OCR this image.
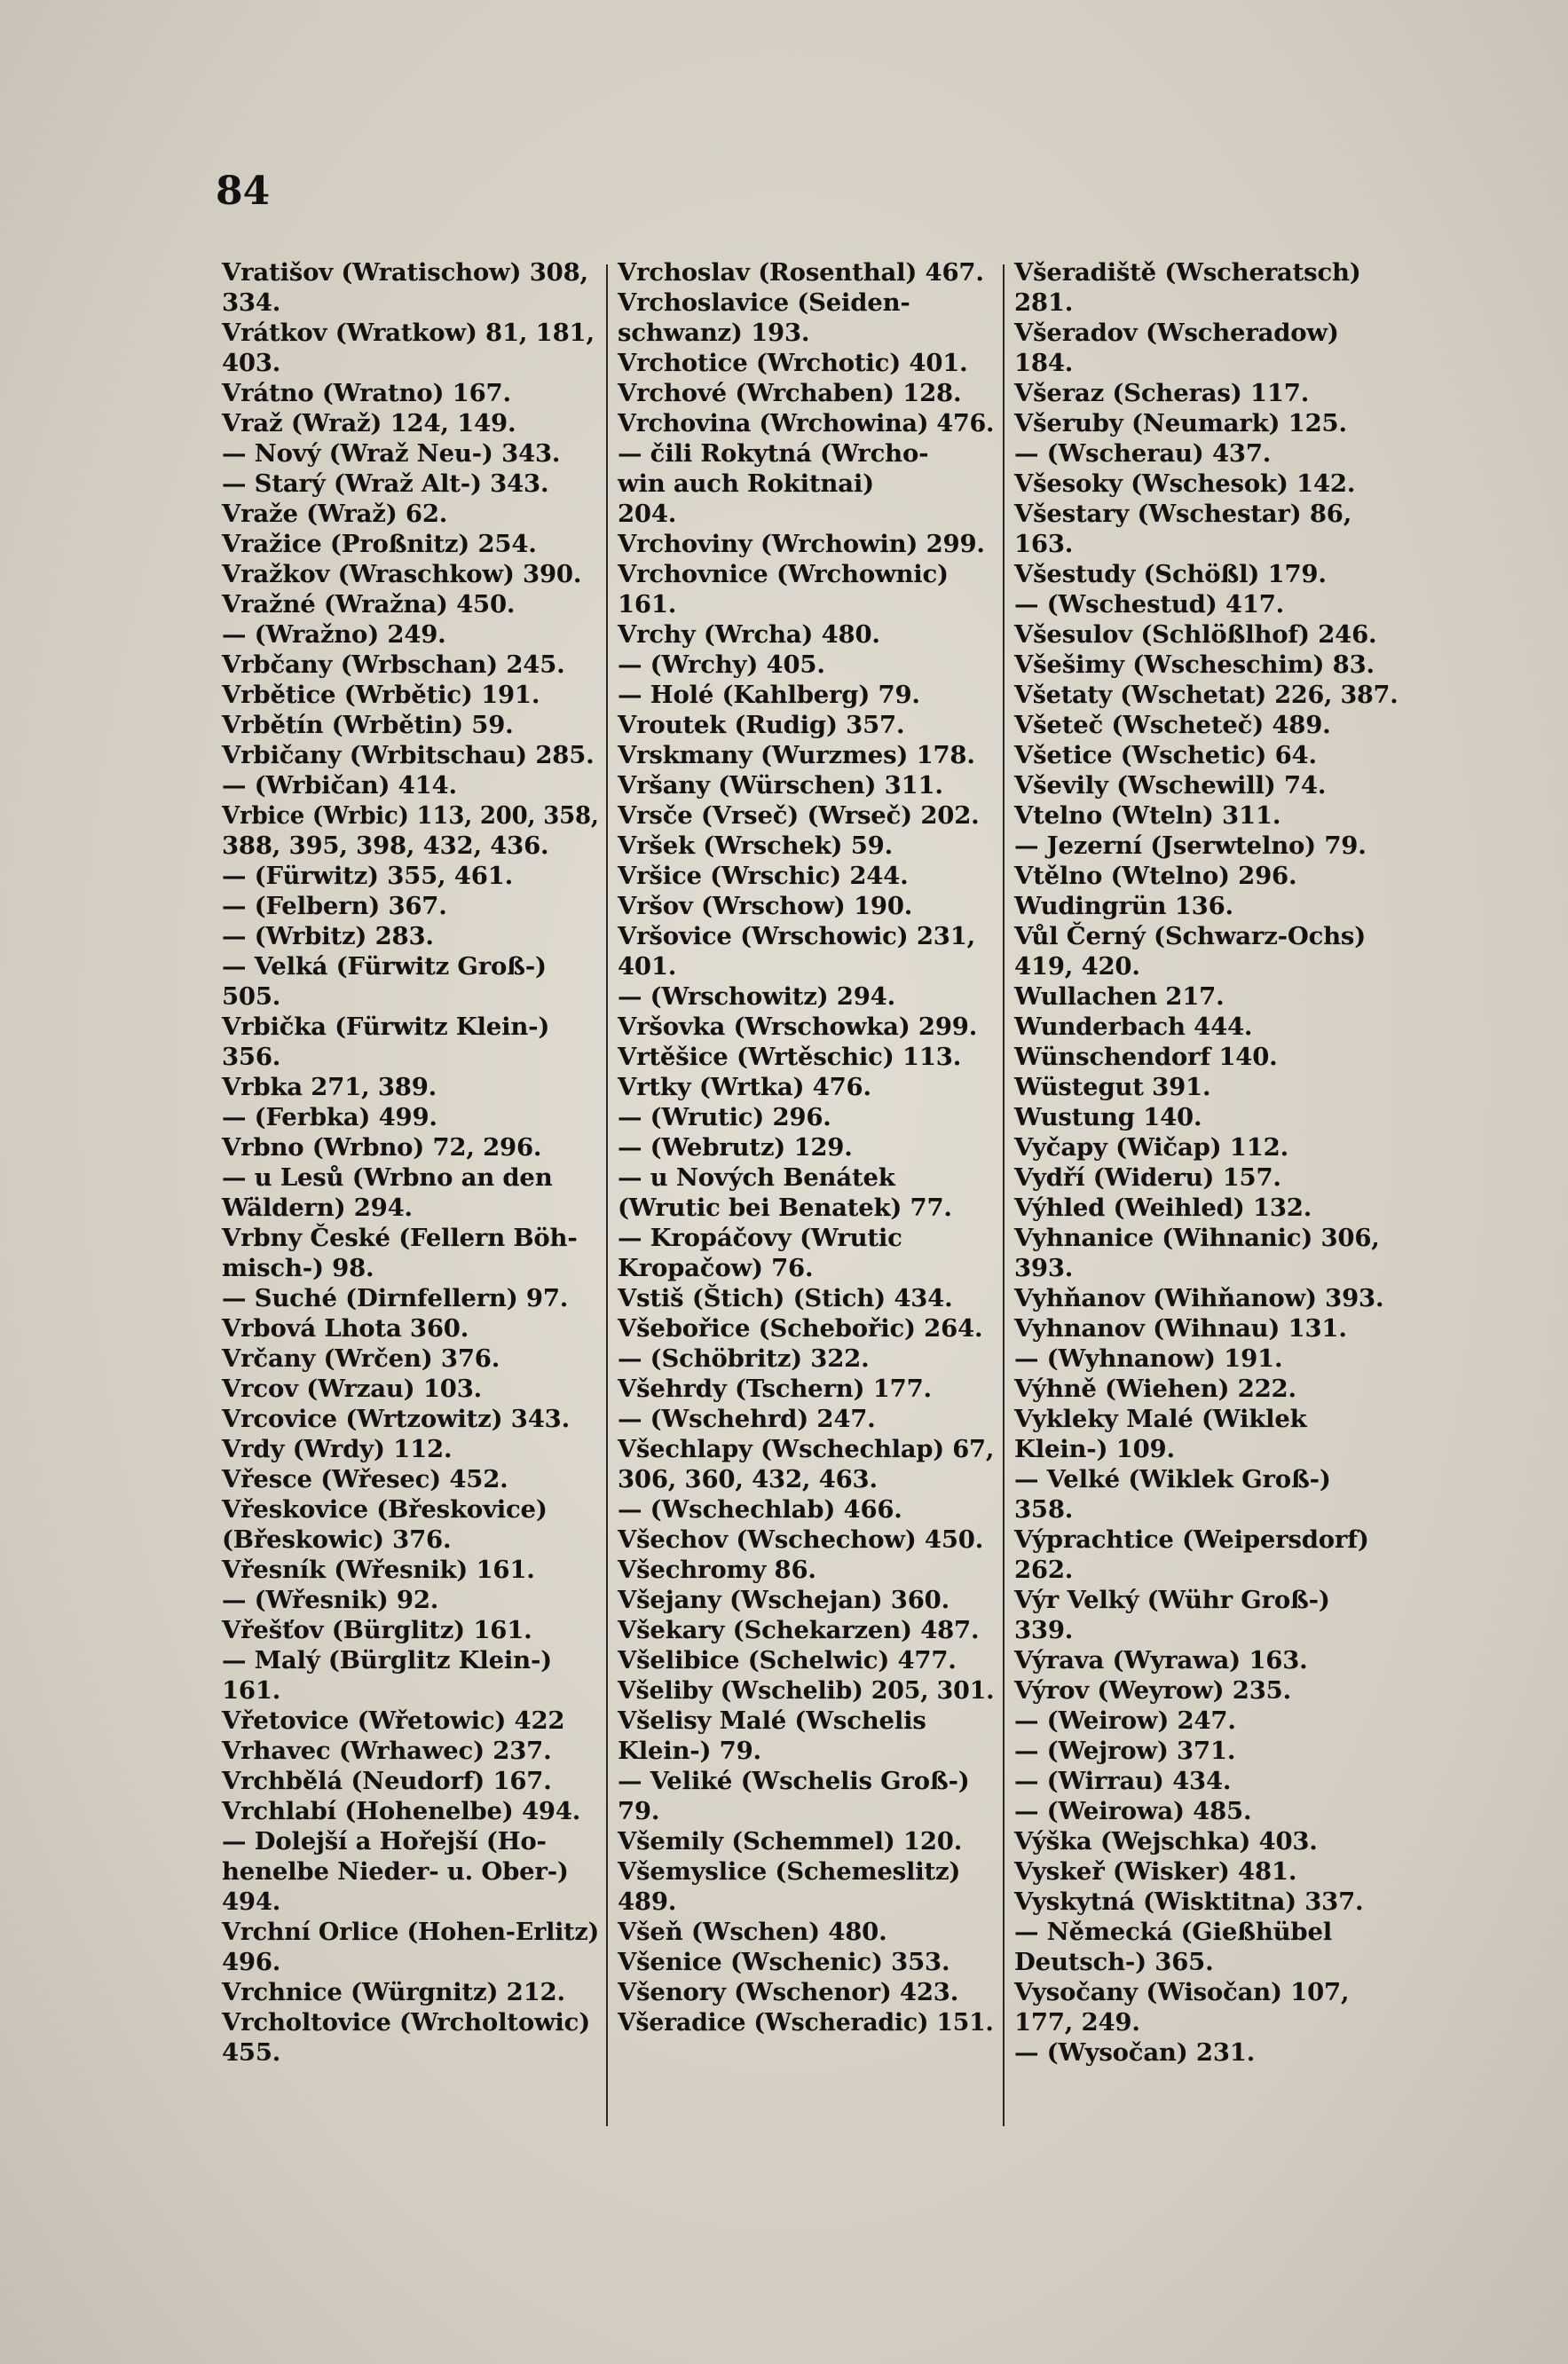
84
Vratišov (Wratischow) 308,
334.
Vrátkov (Wratkow) 81, 181,
403.
Vrátno (Wratno) 167.
Vraž (Wraž) 124, 149.
— Nový (Wraž Neu-) 343.
— Starý (Wraž Alt-) 343.
Vraže (Wraž) 62.
Vražice (Proßnitz) 254.
Vražkov (Wraschkow) 390.
Vražné (Wražna) 450.
— (Wražno) 249.
Vrbčany (Wrbschan) 245.
Vrbětice (Wrbětic) 191.
Vrbětín (Wrbětin) 59.
Vrbičany (Wrbitschau) 285.
— (Wrbičan) 414.
Vrbice (Wrbic) 113, 200, 358,
388, 395, 398, 432, 436.
— (Fürwitz) 355, 461.
— (Felbern) 367.
— (Wrbitz) 283.
— Velká (Fürwitz Groß-)
505.
Vrbička (Fürwitz Klein-)
356.
Vrbka 271, 389.
— (Ferbka) 499.
Vrbno (Wrbno) 72, 296.
— u Lesů (Wrbno an den
Wäldern) 294.
Vrbny České (Fellern Böh-
misch-) 98.
— Suché (Dirnfellern) 97.
Vrbová Lhota 360.
Vrčany (Wrčen) 376.
Vrcov (Wrzau) 103.
Vrcovice (Wrtzowitz) 343.
Vrdy (Wrdy) 112.
Vřesce (Wřesec) 452.
Vřeskovice (Břeskovice)
(Břeskowic) 376.
Vřesník (Wřesnik) 161.
— (Wřesnik) 92.
Vřešťov (Bürglitz) 161.
— Malý (Bürglitz Klein-)
161.
Vřetovice (Wřetowic) 422
Vrhavec (Wrhawec) 237.
Vrchbělá (Neudorf) 167.
Vrchlabí (Hohenelbe) 494.
— Dolejší a Hořejší (Ho-
henelbe Nieder- u. Ober-)
494.
Vrchní Orlice (Hohen-Erlitz)
496.
Vrchnice (Würgnitz) 212.
Vrcholtovice (Wrcholtowic)
455.
Vrchoslav (Rosenthal) 467.
Vrchoslavice (Seiden-
schwanz) 193.
Vrchotice (Wrchotic) 401.
Vrchové (Wrchaben) 128.
Vrchovina (Wrchowina) 476.
— čili Rokytná (Wrcho-
win auch Rokitnai)
204.
Vrchoviny (Wrchowin) 299.
Vrchovnice (Wrchownic)
161.
Vrchy (Wrcha) 480.
— (Wrchy) 405.
— Holé (Kahlberg) 79.
Vroutek (Rudig) 357.
Vrskmany (Wurzmes) 178.
Vršany (Würschen) 311.
Vrsče (Vrseč) (Wrseč) 202.
Vršek (Wrschek) 59.
Vršice (Wrschic) 244.
Vršov (Wrschow) 190.
Vršovice (Wrschowic) 231,
401.
— (Wrschowitz) 294.
Vršovka (Wrschowka) 299.
Vrtěšice (Wrtěschic) 113.
Vrtky (Wrtka) 476.
— (Wrutic) 296.
— (Webrutz) 129.
— u Nových Benátek
(Wrutic bei Benatek) 77.
— Kropáčovy (Wrutic
Kropačow) 76.
Vstiš (Štich) (Stich) 434.
Všebořice (Schebořic) 264.
— (Schöbritz) 322.
Všehrdy (Tschern) 177.
— (Wschehrd) 247.
Všechlapy (Wschechlap) 67,
306, 360, 432, 463.
— (Wschechlab) 466.
Všechov (Wschechow) 450.
Všechromy 86.
Všejany (Wschejan) 360.
Všekary (Schekarzen) 487.
Všelibice (Schelwic) 477.
Všeliby (Wschelib) 205, 301.
Všelisy Malé (Wschelis
Klein-) 79.
— Veliké (Wschelis Groß-)
79.
Všemily (Schemmel) 120.
Všemyslice (Schemeslitz)
489.
Všeň (Wschen) 480.
Všenice (Wschenic) 353.
Všenory (Wschenor) 423.
Všeradice (Wscheradic) 151.
Všeradiště (Wscheratsch)
281.
Všeradov (Wscheradow)
184.
Všeraz (Scheras) 117.
Všeruby (Neumark) 125.
— (Wscherau) 437.
Všesoky (Wschesok) 142.
Všestary (Wschestar) 86,
163.
Všestudy (Schößl) 179.
— (Wschestud) 417.
Všesulov (Schlößlhof) 246.
Všešimy (Wscheschim) 83.
Všetaty (Wschetat) 226, 387.
Všeteč (Wscheteč) 489.
Všetice (Wschetic) 64.
Vševily (Wschewill) 74.
Vtelno (Wteln) 311.
— Jezerní (Jserwtelno) 79.
Vtělno (Wtelno) 296.
Wudingrün 136.
Vůl Černý (Schwarz-Ochs)
419, 420.
Wullachen 217.
Wunderbach 444.
Wünschendorf 140.
Wüstegut 391.
Wustung 140.
Vyčapy (Wičap) 112.
Vydří (Wideru) 157.
Výhled (Weihled) 132.
Vyhnanice (Wihnanic) 306,
393.
Vyhňanov (Wihňanow) 393.
Vyhnanov (Wihnau) 131.
— (Wyhnanow) 191.
Výhně (Wiehen) 222.
Vykleky Malé (Wiklek
Klein-) 109.
— Velké (Wiklek Groß-)
358.
Výprachtice (Weipersdorf)
262.
Výr Velký (Wühr Groß-)
339.
Výrava (Wyrawa) 163.
Výrov (Weyrow) 235.
— (Weirow) 247.
— (Wejrow) 371.
— (Wirrau) 434.
— (Weirowa) 485.
Výška (Wejschka) 403.
Vyskeř (Wisker) 481.
Vyskytná (Wisktitna) 337.
— Německá (Gießhübel
Deutsch-) 365.
Vysočany (Wisočan) 107,
177, 249.
— (Wysočan) 231.
